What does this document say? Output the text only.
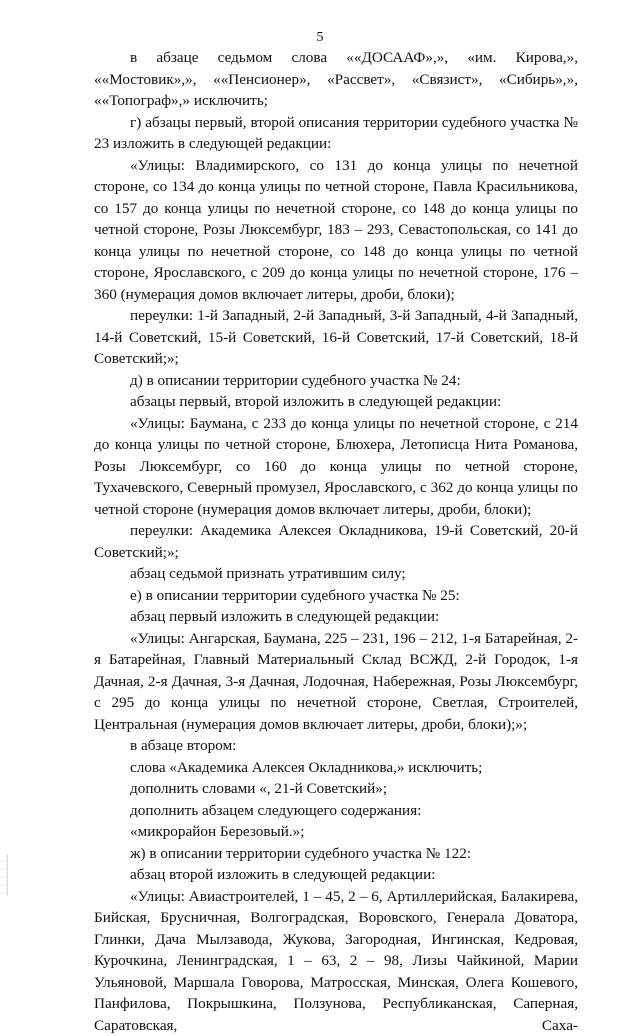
5

в абзаце седьмом слова ««ДОСААФ»,», «им. Кирова,», ««Мостовик»,», ««Пенсионер», «Рассвет», «Связист», «Сибирь»,», ««Топограф»,» исключить;

г) абзацы первый, второй описания территории судебного участка № 23 изложить в следующей редакции:

«Улицы: Владимирского, со 131 до конца улицы по нечетной стороне, со 134 до конца улицы по четной стороне, Павла Красильникова, со 157 до конца улицы по нечетной стороне, со 148 до конца улицы по четной стороне, Розы Люксембург, 183 – 293, Севастопольская, со 141 до конца улицы по нечетной стороне, со 148 до конца улицы по четной стороне, Ярославского, с 209 до конца улицы по нечетной стороне, 176 – 360 (нумерация домов включает литеры, дроби, блоки);

переулки: 1-й Западный, 2-й Западный, 3-й Западный, 4-й Западный, 14-й Советский, 15-й Советский, 16-й Советский, 17-й Советский, 18-й Советский;»;

д) в описании территории судебного участка № 24:

абзацы первый, второй изложить в следующей редакции:

«Улицы: Баумана, с 233 до конца улицы по нечетной стороне, с 214 до конца улицы по четной стороне, Блюхера, Летописца Нита Романова, Розы Люксембург, со 160 до конца улицы по четной стороне, Тухачевского, Северный промузел, Ярославского, с 362 до конца улицы по четной стороне (нумерация домов включает литеры, дроби, блоки);

переулки: Академика Алексея Окладникова, 19-й Советский, 20-й Советский;»;

абзац седьмой признать утратившим силу;

е) в описании территории судебного участка № 25:

абзац первый изложить в следующей редакции:

«Улицы: Ангарская, Баумана, 225 – 231, 196 – 212, 1-я Батарейная, 2-я Батарейная, Главный Материальный Склад ВСЖД, 2-й Городок, 1-я Дачная, 2-я Дачная, 3-я Дачная, Лодочная, Набережная, Розы Люксембург, с 295 до конца улицы по нечетной стороне, Светлая, Строителей, Центральная (нумерация домов включает литеры, дроби, блоки);»;

в абзаце втором:

слова «Академика Алексея Окладникова,» исключить;

дополнить словами «, 21-й Советский»;

дополнить абзацем следующего содержания:

«микрорайон Березовый.»;

ж) в описании территории судебного участка № 122:

абзац второй изложить в следующей редакции:

«Улицы: Авиастроителей, 1 – 45, 2 – 6, Артиллерийская, Балакирева, Бийская, Брусничная, Волгоградская, Воровского, Генерала Доватора, Глинки, Дача Мылзавода, Жукова, Загородная, Ингинская, Кедровая, Курочкина, Ленинградская, 1 – 63, 2 – 98, Лизы Чайкиной, Марии Ульяновой, Маршала Говорова, Матросская, Минская, Олега Кошевого, Панфилова, Покрышкина, Ползунова, Республиканская, Саперная, Саратовская, Саха-
